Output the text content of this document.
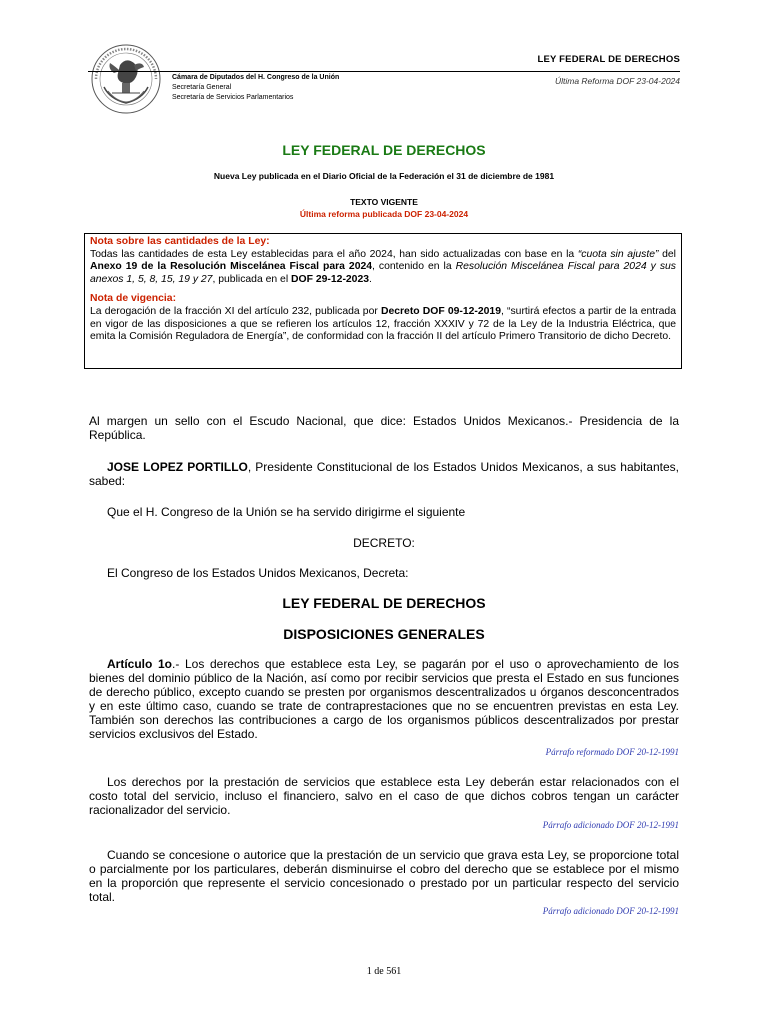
Cámara de Diputados del H. Congreso de la Unión
Secretaría General
Secretaría de Servicios Parlamentarios
LEY FEDERAL DE DERECHOS
Última Reforma DOF 23-04-2024
LEY FEDERAL DE DERECHOS
Nueva Ley publicada en el Diario Oficial de la Federación el 31 de diciembre de 1981
TEXTO VIGENTE
Última reforma publicada DOF 23-04-2024
Nota sobre las cantidades de la Ley:
Todas las cantidades de esta Ley establecidas para el año 2024, han sido actualizadas con base en la “cuota sin ajuste” del Anexo 19 de la Resolución Miscelánea Fiscal para 2024, contenido en la Resolución Miscelánea Fiscal para 2024 y sus anexos 1, 5, 8, 15, 19 y 27, publicada en el DOF 29-12-2023.
Nota de vigencia:
La derogación de la fracción XI del artículo 232, publicada por Decreto DOF 09-12-2019, “surtirá efectos a partir de la entrada en vigor de las disposiciones a que se refieren los artículos 12, fracción XXXIV y 72 de la Ley de la Industria Eléctrica, que emita la Comisión Reguladora de Energía”, de conformidad con la fracción II del artículo Primero Transitorio de dicho Decreto.
Al margen un sello con el Escudo Nacional, que dice: Estados Unidos Mexicanos.- Presidencia de la República.
JOSE LOPEZ PORTILLO, Presidente Constitucional de los Estados Unidos Mexicanos, a sus habitantes, sabed:
Que el H. Congreso de la Unión se ha servido dirigirme el siguiente
DECRETO:
El Congreso de los Estados Unidos Mexicanos, Decreta:
LEY FEDERAL DE DERECHOS
DISPOSICIONES GENERALES
Artículo 1o.- Los derechos que establece esta Ley, se pagarán por el uso o aprovechamiento de los bienes del dominio público de la Nación, así como por recibir servicios que presta el Estado en sus funciones de derecho público, excepto cuando se presten por organismos descentralizados u órganos desconcentrados y en este último caso, cuando se trate de contraprestaciones que no se encuentren previstas en esta Ley. También son derechos las contribuciones a cargo de los organismos públicos descentralizados por prestar servicios exclusivos del Estado.
Párrafo reformado DOF 20-12-1991
Los derechos por la prestación de servicios que establece esta Ley deberán estar relacionados con el costo total del servicio, incluso el financiero, salvo en el caso de que dichos cobros tengan un carácter racionalizador del servicio.
Párrafo adicionado DOF 20-12-1991
Cuando se concesione o autorice que la prestación de un servicio que grava esta Ley, se proporcione total o parcialmente por los particulares, deberán disminuirse el cobro del derecho que se establece por el mismo en la proporción que represente el servicio concesionado o prestado por un particular respecto del servicio total.
Párrafo adicionado DOF 20-12-1991
1 de 561
